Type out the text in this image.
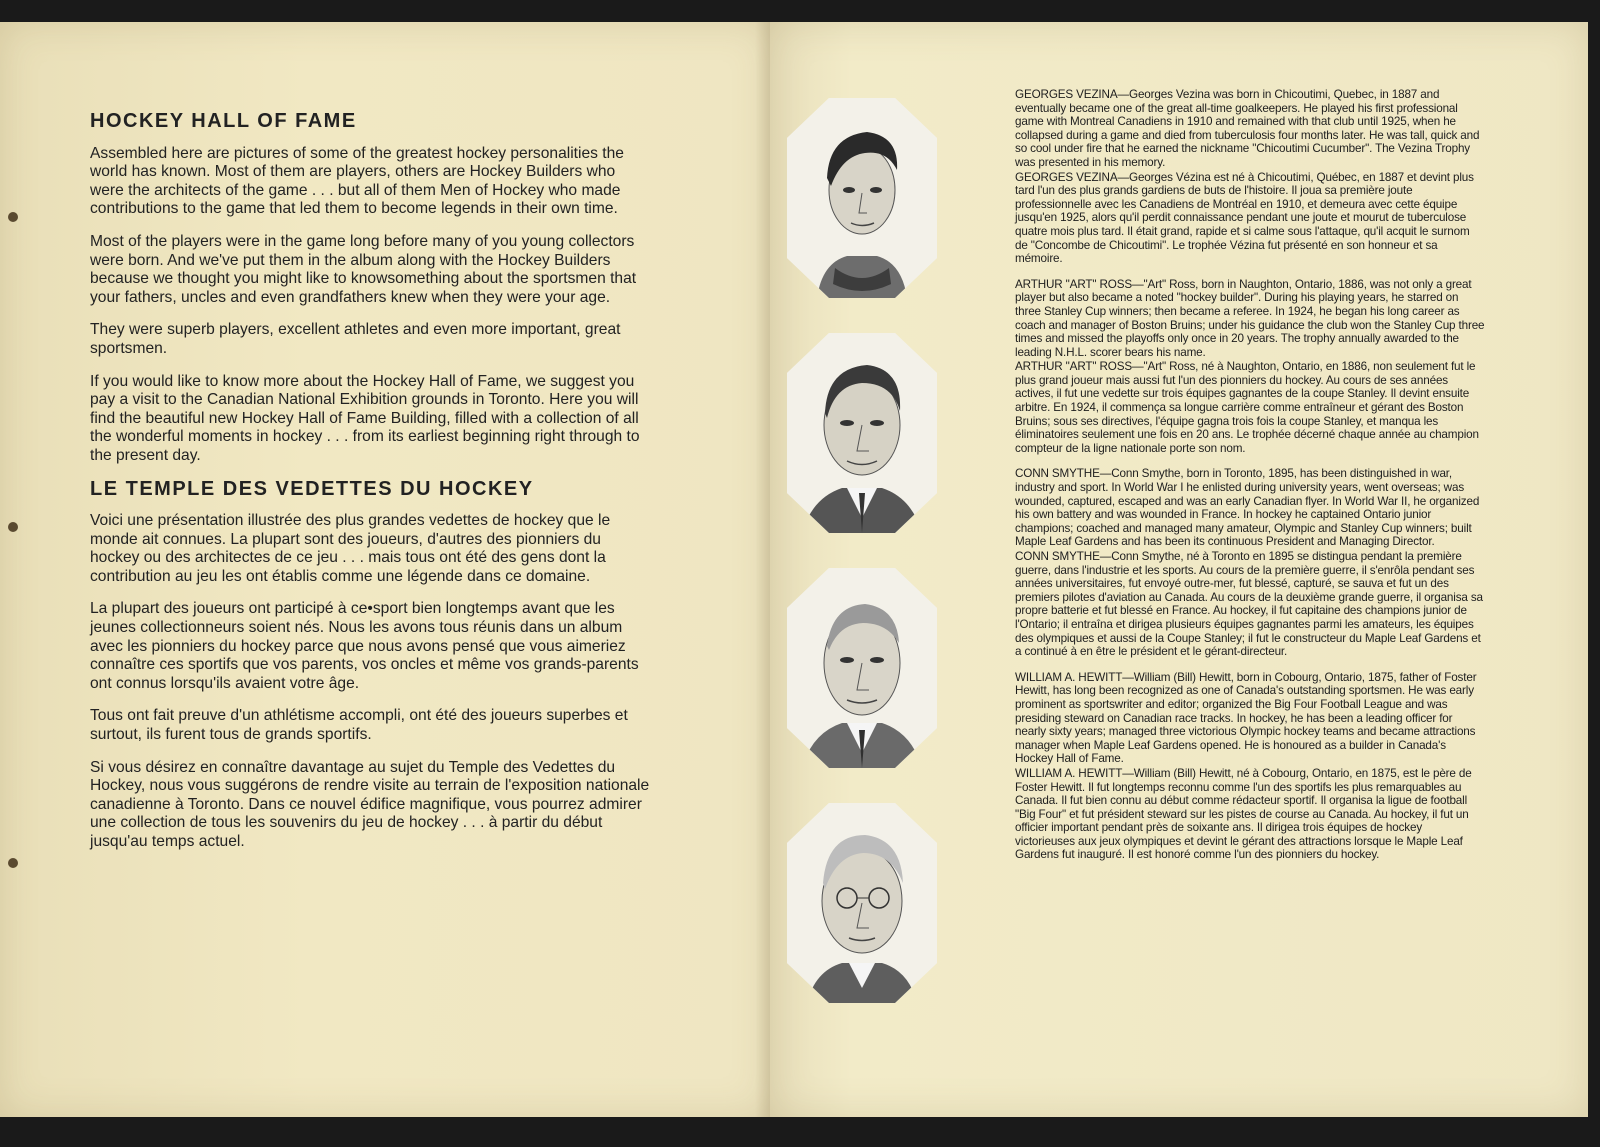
HOCKEY HALL OF FAME

Assembled here are pictures of some of the greatest hockey personalities the world has known. Most of them are players, others are Hockey Builders who were the architects of the game . . . but all of them Men of Hockey who made contributions to the game that led them to become legends in their own time.

Most of the players were in the game long before many of you young collectors were born. And we've put them in the album along with the Hockey Builders because we thought you might like to knowsomething about the sportsmen that your fathers, uncles and even grandfathers knew when they were your age.

They were superb players, excellent athletes and even more important, great sportsmen.

If you would like to know more about the Hockey Hall of Fame, we suggest you pay a visit to the Canadian National Exhibition grounds in Toronto. Here you will find the beautiful new Hockey Hall of Fame Building, filled with a collection of all the wonderful moments in hockey . . . from its earliest beginning right through to the present day.

LE TEMPLE DES VEDETTES DU HOCKEY

Voici une présentation illustrée des plus grandes vedettes de hockey que le monde ait connues. La plupart sont des joueurs, d'autres des pionniers du hockey ou des architectes de ce jeu . . . mais tous ont été des gens dont la contribution au jeu les ont établis comme une légende dans ce domaine.

La plupart des joueurs ont participé à ce•sport bien longtemps avant que les jeunes collectionneurs soient nés. Nous les avons tous réunis dans un album avec les pionniers du hockey parce que nous avons pensé que vous aimeriez connaître ces sportifs que vos parents, vos oncles et même vos grands-parents ont connus lorsqu'ils avaient votre âge.

Tous ont fait preuve d'un athlétisme accompli, ont été des joueurs superbes et surtout, ils furent tous de grands sportifs.

Si vous désirez en connaître davantage au sujet du Temple des Vedettes du Hockey, nous vous suggérons de rendre visite au terrain de l'exposition nationale canadienne à Toronto. Dans ce nouvel édifice magnifique, vous pourrez admirer une collection de tous les souvenirs du jeu de hockey . . . à partir du début jusqu'au temps actuel.

GEORGES VEZINA—Georges Vezina was born in Chicoutimi, Quebec, in 1887 and eventually became one of the great all-time goalkeepers. He played his first professional game with Montreal Canadiens in 1910 and remained with that club until 1925, when he collapsed during a game and died from tuberculosis four months later. He was tall, quick and so cool under fire that he earned the nickname "Chicoutimi Cucumber". The Vezina Trophy was presented in his memory.

GEORGES VEZINA—Georges Vézina est né à Chicoutimi, Québec, en 1887 et devint plus tard l'un des plus grands gardiens de buts de l'histoire. Il joua sa première joute professionnelle avec les Canadiens de Montréal en 1910, et demeura avec cette équipe jusqu'en 1925, alors qu'il perdit connaissance pendant une joute et mourut de tuberculose quatre mois plus tard. Il était grand, rapide et si calme sous l'attaque, qu'il acquit le surnom de "Concombe de Chicoutimi". Le trophée Vézina fut présenté en son honneur et sa mémoire.

ARTHUR "ART" ROSS—"Art" Ross, born in Naughton, Ontario, 1886, was not only a great player but also became a noted "hockey builder". During his playing years, he starred on three Stanley Cup winners; then became a referee. In 1924, he began his long career as coach and manager of Boston Bruins; under his guidance the club won the Stanley Cup three times and missed the playoffs only once in 20 years. The trophy annually awarded to the leading N.H.L. scorer bears his name.

ARTHUR "ART" ROSS—"Art" Ross, né à Naughton, Ontario, en 1886, non seulement fut le plus grand joueur mais aussi fut l'un des pionniers du hockey. Au cours de ses années actives, il fut une vedette sur trois équipes gagnantes de la coupe Stanley. Il devint ensuite arbitre. En 1924, il commença sa longue carrière comme entraîneur et gérant des Boston Bruins; sous ses directives, l'équipe gagna trois fois la coupe Stanley, et manqua les éliminatoires seulement une fois en 20 ans. Le trophée décerné chaque année au champion compteur de la ligne nationale porte son nom.

CONN SMYTHE—Conn Smythe, born in Toronto, 1895, has been distinguished in war, industry and sport. In World War I he enlisted during university years, went overseas; was wounded, captured, escaped and was an early Canadian flyer. In World War II, he organized his own battery and was wounded in France. In hockey he captained Ontario junior champions; coached and managed many amateur, Olympic and Stanley Cup winners; built Maple Leaf Gardens and has been its continuous President and Managing Director.

CONN SMYTHE—Conn Smythe, né à Toronto en 1895 se distingua pendant la première guerre, dans l'industrie et les sports. Au cours de la première guerre, il s'enrôla pendant ses années universitaires, fut envoyé outre-mer, fut blessé, capturé, se sauva et fut un des premiers pilotes d'aviation au Canada. Au cours de la deuxième grande guerre, il organisa sa propre batterie et fut blessé en France. Au hockey, il fut capitaine des champions junior de l'Ontario; il entraîna et dirigea plusieurs équipes gagnantes parmi les amateurs, les équipes des olympiques et aussi de la Coupe Stanley; il fut le constructeur du Maple Leaf Gardens et a continué à en être le président et le gérant-directeur.

WILLIAM A. HEWITT—William (Bill) Hewitt, born in Cobourg, Ontario, 1875, father of Foster Hewitt, has long been recognized as one of Canada's outstanding sportsmen. He was early prominent as sportswriter and editor; organized the Big Four Football League and was presiding steward on Canadian race tracks. In hockey, he has been a leading officer for nearly sixty years; managed three victorious Olympic hockey teams and became attractions manager when Maple Leaf Gardens opened. He is honoured as a builder in Canada's Hockey Hall of Fame.

WILLIAM A. HEWITT—William (Bill) Hewitt, né à Cobourg, Ontario, en 1875, est le père de Foster Hewitt. Il fut longtemps reconnu comme l'un des sportifs les plus remarquables au Canada. Il fut bien connu au début comme rédacteur sportif. Il organisa la ligue de football "Big Four" et fut président steward sur les pistes de course au Canada. Au hockey, il fut un officier important pendant près de soixante ans. Il dirigea trois équipes de hockey victorieuses aux jeux olympiques et devint le gérant des attractions lorsque le Maple Leaf Gardens fut inauguré. Il est honoré comme l'un des pionniers du hockey.
